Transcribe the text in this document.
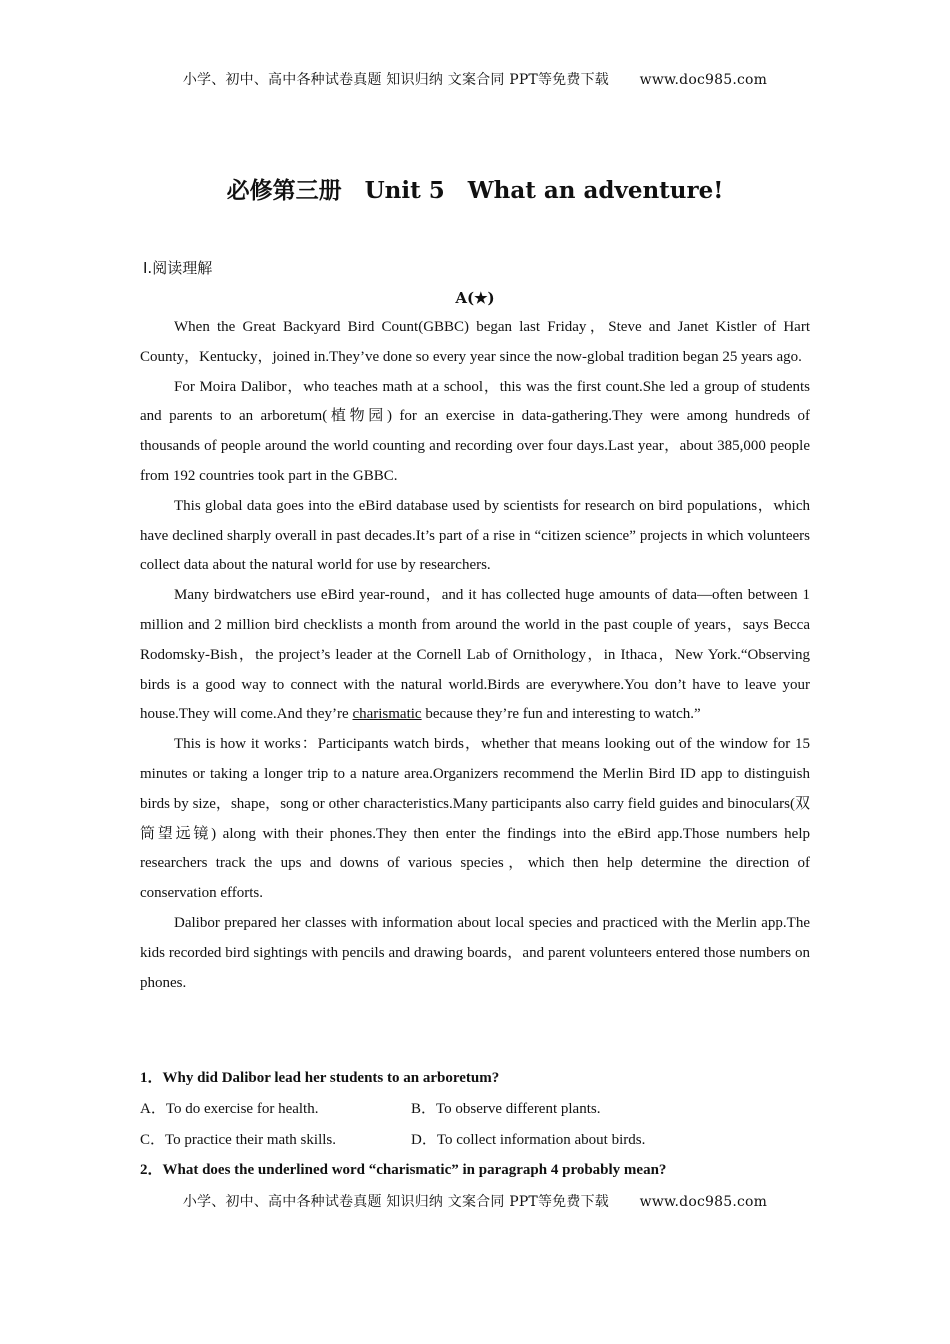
小学、初中、高中各种试卷真题 知识归纳 文案合同 PPT等免费下载 www.doc985.com
必修第三册　Unit 5　What an adventure!
Ⅰ.阅读理解
A(★)

When the Great Backyard Bird Count(GBBC) began last Friday，Steve and Janet Kistler of Hart County，Kentucky，joined in.They’ve done so every year since the now-global tradition began 25 years ago.

For Moira Dalibor，who teaches math at a school，this was the first count.She led a group of students and parents to an arboretum(植物园) for an exercise in data-gathering.They were among hundreds of thousands of people around the world counting and recording over four days.Last year，about 385,000 people from 192 countries took part in the GBBC.

This global data goes into the eBird database used by scientists for research on bird populations，which have declined sharply overall in past decades.It’s part of a rise in “citizen science” projects in which volunteers collect data about the natural world for use by researchers.

Many birdwatchers use eBird year-round，and it has collected huge amounts of data—often between 1 million and 2 million bird checklists a month from around the world in the past couple of years，says Becca Rodomsky-Bish，the project’s leader at the Cornell Lab of Ornithology，in Ithaca，New York.“Observing birds is a good way to connect with the natural world.Birds are everywhere.You don’t have to leave your house.They will come.And they’re charismatic because they’re fun and interesting to watch.”

This is how it works：Participants watch birds，whether that means looking out of the window for 15 minutes or taking a longer trip to a nature area.Organizers recommend the Merlin Bird ID app to distinguish birds by size，shape，song or other characteristics.Many participants also carry field guides and binoculars(双筒望远镜) along with their phones.They then enter the findings into the eBird app.Those numbers help researchers track the ups and downs of various species，which then help determine the direction of conservation efforts.

Dalibor prepared her classes with information about local species and practiced with the Merlin app.The kids recorded bird sightings with pencils and drawing boards，and parent volunteers entered those numbers on phones.

1．Why did Dalibor lead her students to an arboretum?
A．To do exercise for health.	B．To observe different plants.
C．To practice their math skills.	D．To collect information about birds.
2．What does the underlined word “charismatic” in paragraph 4 probably mean?
小学、初中、高中各种试卷真题 知识归纳 文案合同 PPT等免费下载 www.doc985.com
